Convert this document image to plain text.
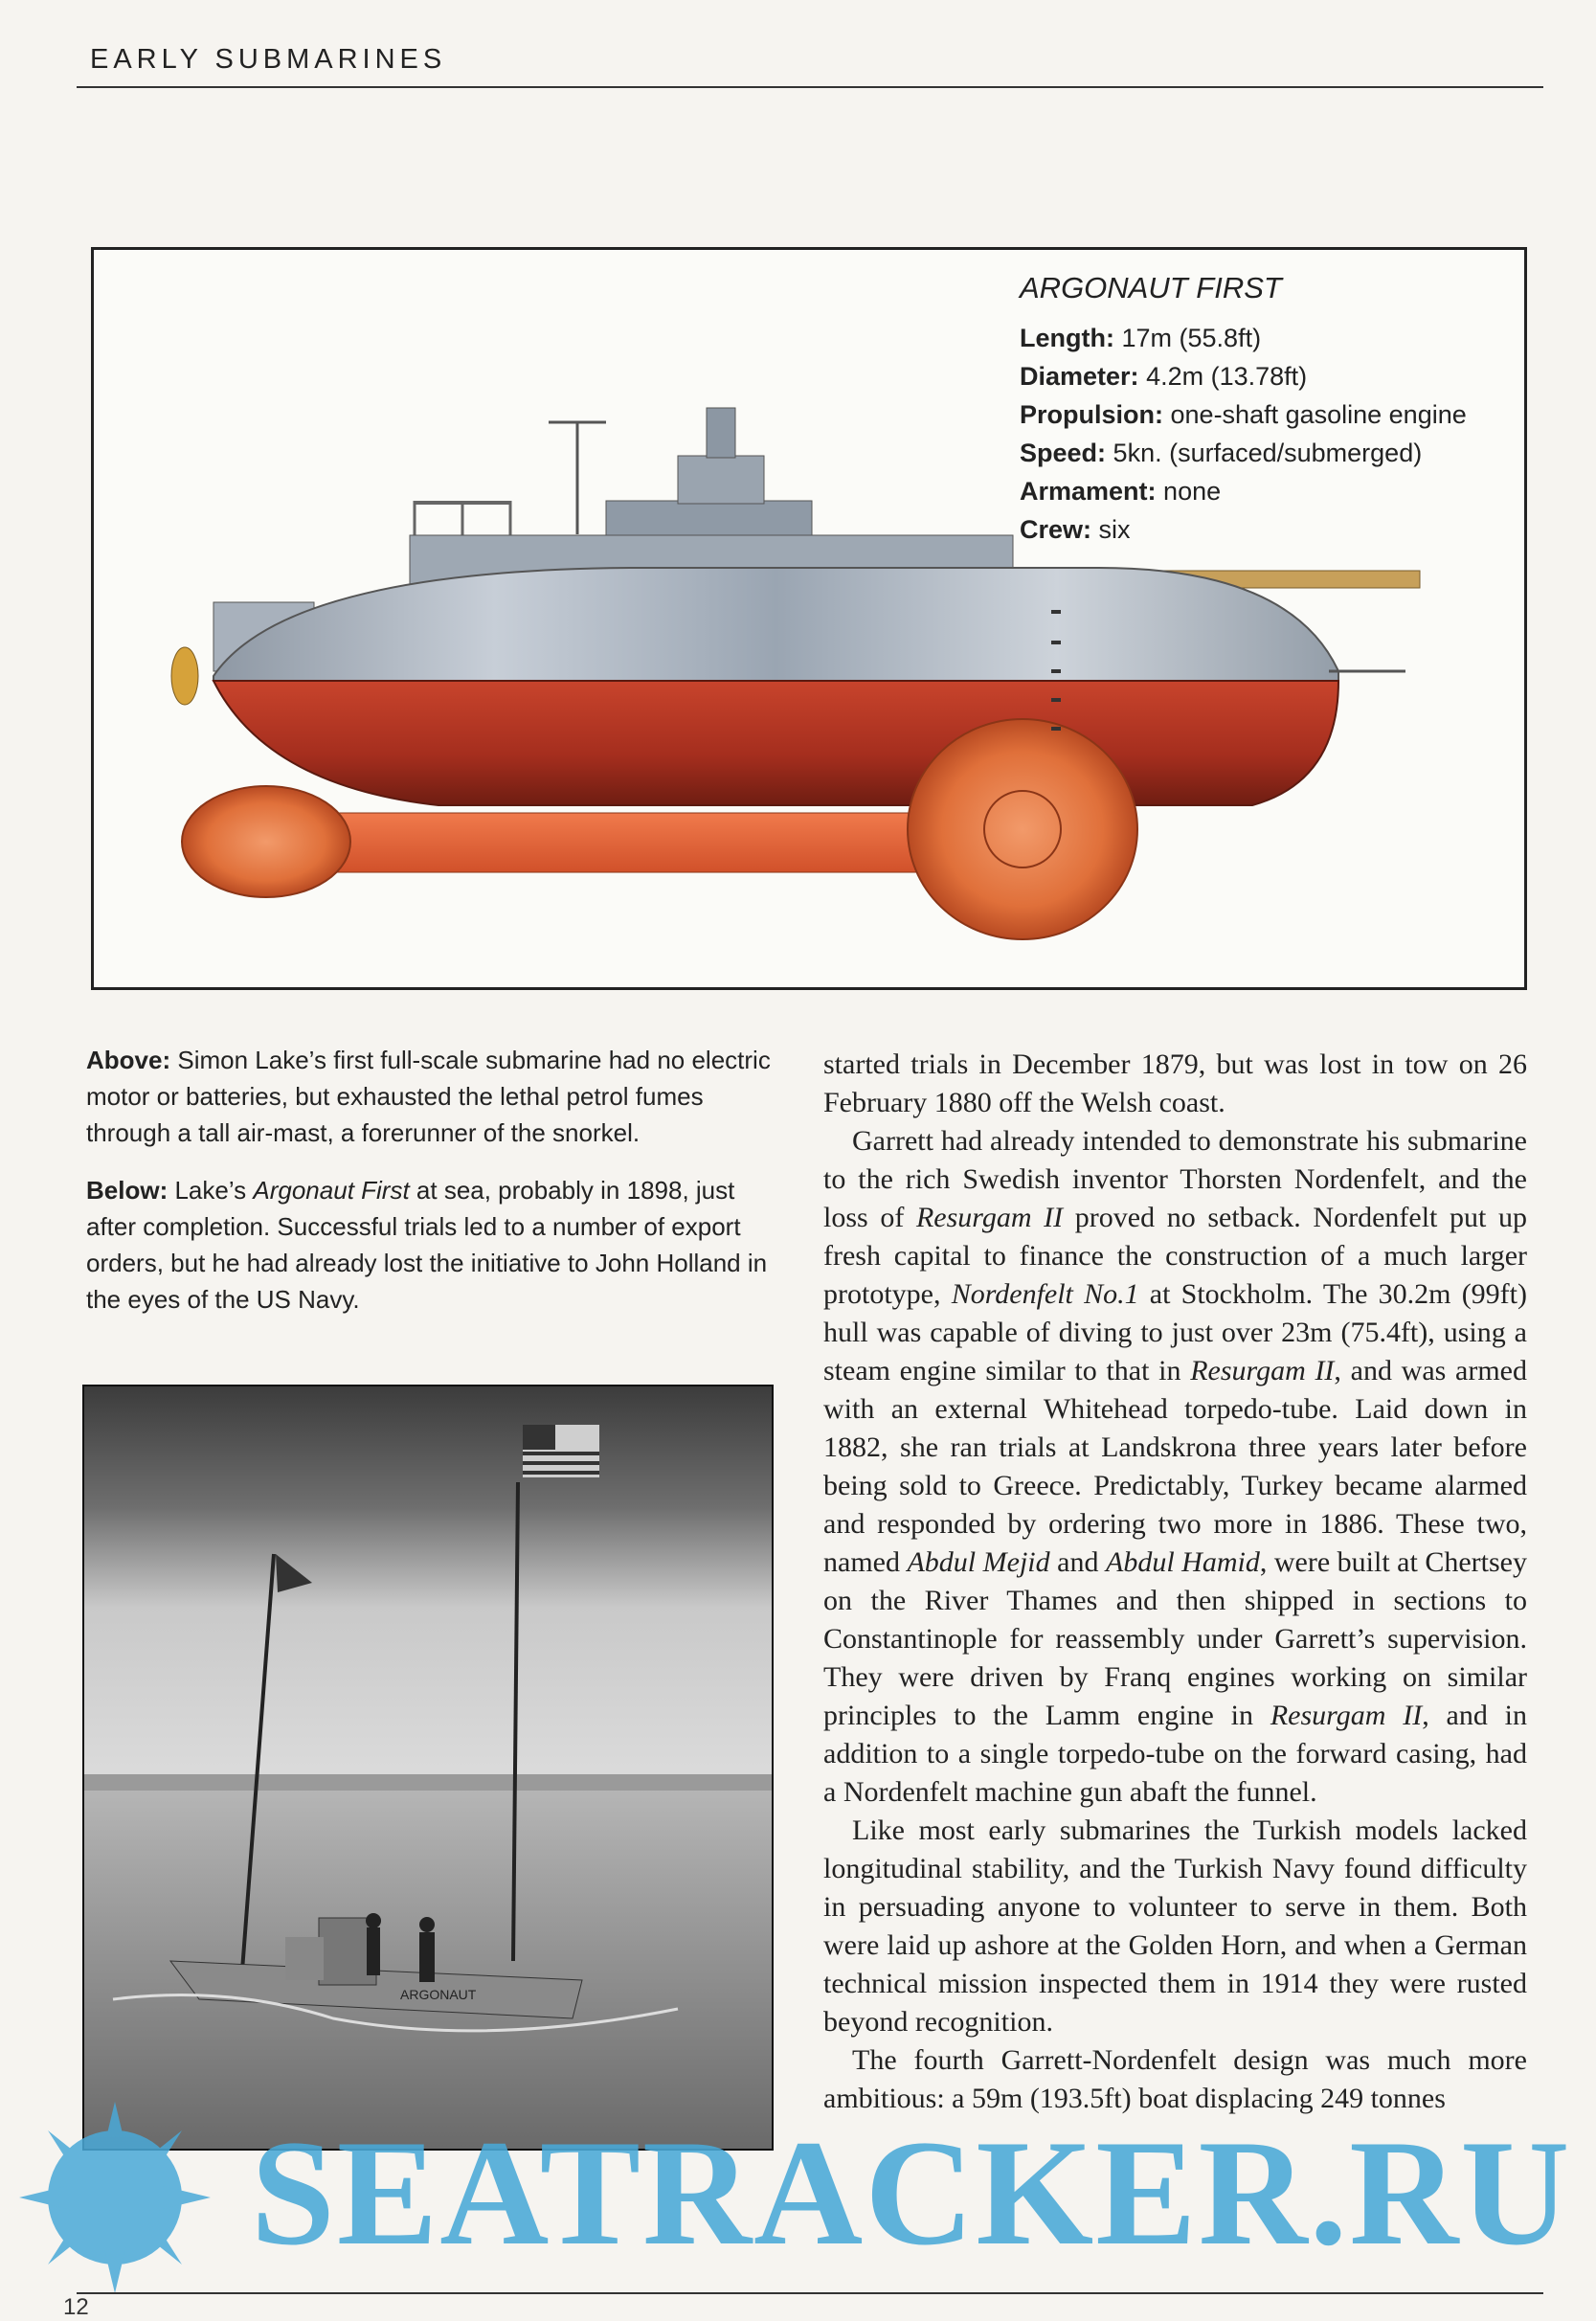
EARLY SUBMARINES
ARGONAUT FIRST
Length: 17m (55.8ft)
Diameter: 4.2m (13.78ft)
Propulsion: one-shaft gasoline engine
Speed: 5kn. (surfaced/submerged)
Armament: none
Crew: six

Above: Simon Lake’s first full-scale submarine had no electric motor or batteries, but exhausted the lethal petrol fumes through a tall air-mast, a forerunner of the snorkel.

Below: Lake’s Argonaut First at sea, probably in 1898, just after completion. Successful trials led to a number of export orders, but he had already lost the initiative to John Holland in the eyes of the US Navy.

ARGONAUT

started trials in December 1879, but was lost in tow on 26 February 1880 off the Welsh coast.

Garrett had already intended to demonstrate his submarine to the rich Swedish inventor Thorsten Nordenfelt, and the loss of Resurgam II proved no setback. Nordenfelt put up fresh capital to finance the construction of a much larger prototype, Nordenfelt No.1 at Stockholm. The 30.2m (99ft) hull was capable of diving to just over 23m (75.4ft), using a steam engine similar to that in Resurgam II, and was armed with an external Whitehead torpedo-tube. Laid down in 1882, she ran trials at Landskrona three years later before being sold to Greece. Predictably, Turkey became alarmed and responded by ordering two more in 1886. These two, named Abdul Mejid and Abdul Hamid, were built at Chertsey on the River Thames and then shipped in sections to Constantinople for reassembly under Garrett’s supervision. They were driven by Franq engines working on similar principles to the Lamm engine in Resurgam II, and in addition to a single torpedo-tube on the forward casing, had a Nordenfelt machine gun abaft the funnel.

Like most early submarines the Turkish models lacked longitudinal stability, and the Turkish Navy found difficulty in persuading anyone to volunteer to serve in them. Both were laid up ashore at the Golden Horn, and when a German technical mission inspected them in 1914 they were rusted beyond recognition.

The fourth Garrett-Nordenfelt design was much more ambitious: a 59m (193.5ft) boat displacing 249 tonnes

SEATRACKER.RU
12
